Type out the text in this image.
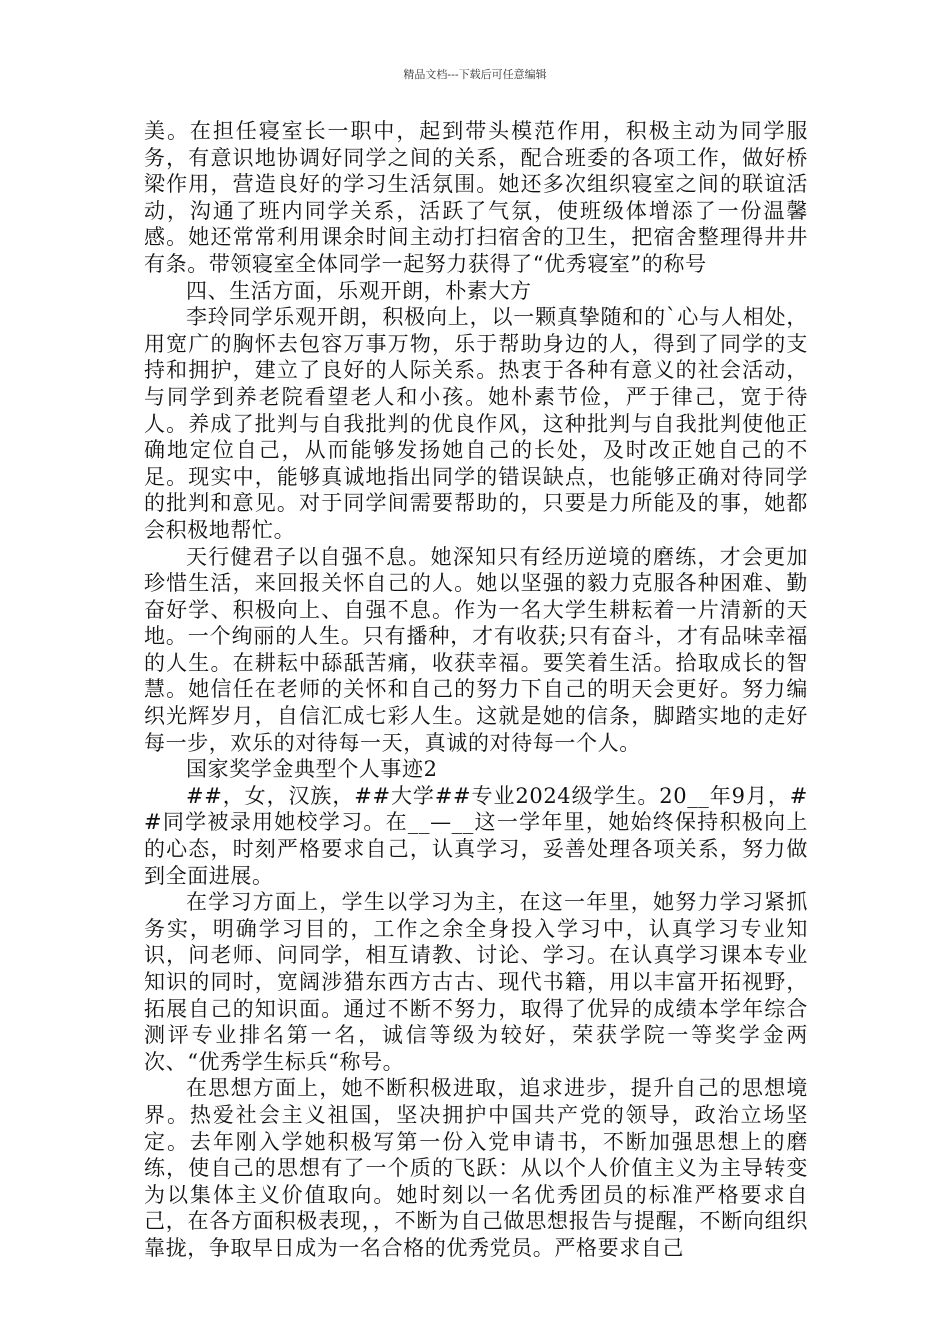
精品文档---下载后可任意编辑

美。在担任寝室长一职中，起到带头模范作用，积极主动为同学服务，有意识地协调好同学之间的关系，配合班委的各项工作，做好桥梁作用，营造良好的学习生活氛围。她还多次组织寝室之间的联谊活动，沟通了班内同学关系，活跃了气氛，使班级体增添了一份温馨感。她还常常利用课余时间主动打扫宿舍的卫生，把宿舍整理得井井有条。带领寝室全体同学一起努力获得了“优秀寝室”的称号

四、生活方面，乐观开朗，朴素大方

李玲同学乐观开朗，积极向上，以一颗真挚随和的`心与人相处，用宽广的胸怀去包容万事万物，乐于帮助身边的人，得到了同学的支持和拥护，建立了良好的人际关系。热衷于各种有意义的社会活动，与同学到养老院看望老人和小孩。她朴素节俭，严于律己，宽于待人。养成了批判与自我批判的优良作风，这种批判与自我批判使他正确地定位自己，从而能够发扬她自己的长处，及时改正她自己的不足。现实中，能够真诚地指出同学的错误缺点，也能够正确对待同学的批判和意见。对于同学间需要帮助的，只要是力所能及的事，她都会积极地帮忙。

天行健君子以自强不息。她深知只有经历逆境的磨练，才会更加珍惜生活，来回报关怀自己的人。她以坚强的毅力克服各种困难、勤奋好学、积极向上、自强不息。作为一名大学生耕耘着一片清新的天地。一个绚丽的人生。只有播种，才有收获;只有奋斗，才有品味幸福的人生。在耕耘中舔舐苦痛，收获幸福。要笑着生活。拾取成长的智慧。她信任在老师的关怀和自己的努力下自己的明天会更好。努力编织光辉岁月，自信汇成七彩人生。这就是她的信条，脚踏实地的走好每一步，欢乐的对待每一天，真诚的对待每一个人。

国家奖学金典型个人事迹2

##，女，汉族，##大学##专业2024级学生。20__年9月，##同学被录用她校学习。在__—__这一学年里，她始终保持积极向上的心态，时刻严格要求自己，认真学习，妥善处理各项关系，努力做到全面进展。

在学习方面上，学生以学习为主，在这一年里，她努力学习紧抓务实，明确学习目的，工作之余全身投入学习中，认真学习专业知识，问老师、问同学，相互请教、讨论、学习。在认真学习课本专业知识的同时，宽阔涉猎东西方古古、现代书籍，用以丰富开拓视野，拓展自己的知识面。通过不断不努力，取得了优异的成绩本学年综合测评专业排名第一名，诚信等级为较好，荣获学院一等奖学金两次、“优秀学生标兵“称号。

在思想方面上，她不断积极进取，追求进步，提升自己的思想境界。热爱社会主义祖国，坚决拥护中国共产党的领导，政治立场坚定。去年刚入学她积极写第一份入党申请书，不断加强思想上的磨练，使自己的思想有了一个质的飞跃：从以个人价值主义为主导转变为以集体主义价值取向。她时刻以一名优秀团员的标准严格要求自己，在各方面积极表现，，不断为自己做思想报告与提醒，不断向组织靠拢，争取早日成为一名合格的优秀党员。严格要求自己
